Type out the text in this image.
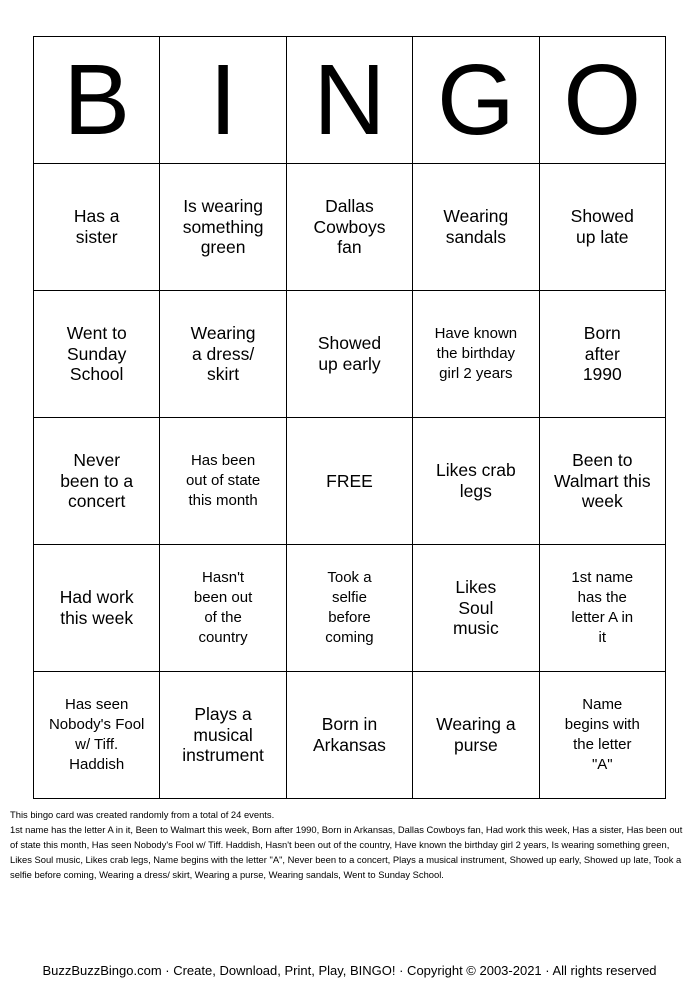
B	I	N	G	O

Has a sister	Is wearing something green	Dallas Cowboys fan	Wearing sandals	Showed up late

Went to Sunday School	Wearing a dress/ skirt	Showed up early	Have known the birthday girl 2 years	Born after 1990

Never been to a concert	Has been out of state this month	FREE	Likes crab legs	Been to Walmart this week

Had work this week	Hasn't been out of the country	Took a selfie before coming	Likes Soul music	1st name has the letter A in it

Has seen Nobody's Fool w/ Tiff. Haddish	Plays a musical instrument	Born in Arkansas	Wearing a purse	Name begins with the letter "A"

This bingo card was created randomly from a total of 24 events.

1st name has the letter A in it, Been to Walmart this week, Born after 1990, Born in Arkansas, Dallas Cowboys fan, Had work this week, Has a sister, Has been out of state this month, Has seen Nobody's Fool w/ Tiff. Haddish, Hasn't been out of the country, Have known the birthday girl 2 years, Is wearing something green, Likes Soul music, Likes crab legs, Name begins with the letter "A", Never been to a concert, Plays a musical instrument, Showed up early, Showed up late, Took a selfie before coming, Wearing a dress/ skirt, Wearing a purse, Wearing sandals, Went to Sunday School.

BuzzBuzzBingo.com · Create, Download, Print, Play, BINGO! · Copyright © 2003-2021 · All rights reserved
